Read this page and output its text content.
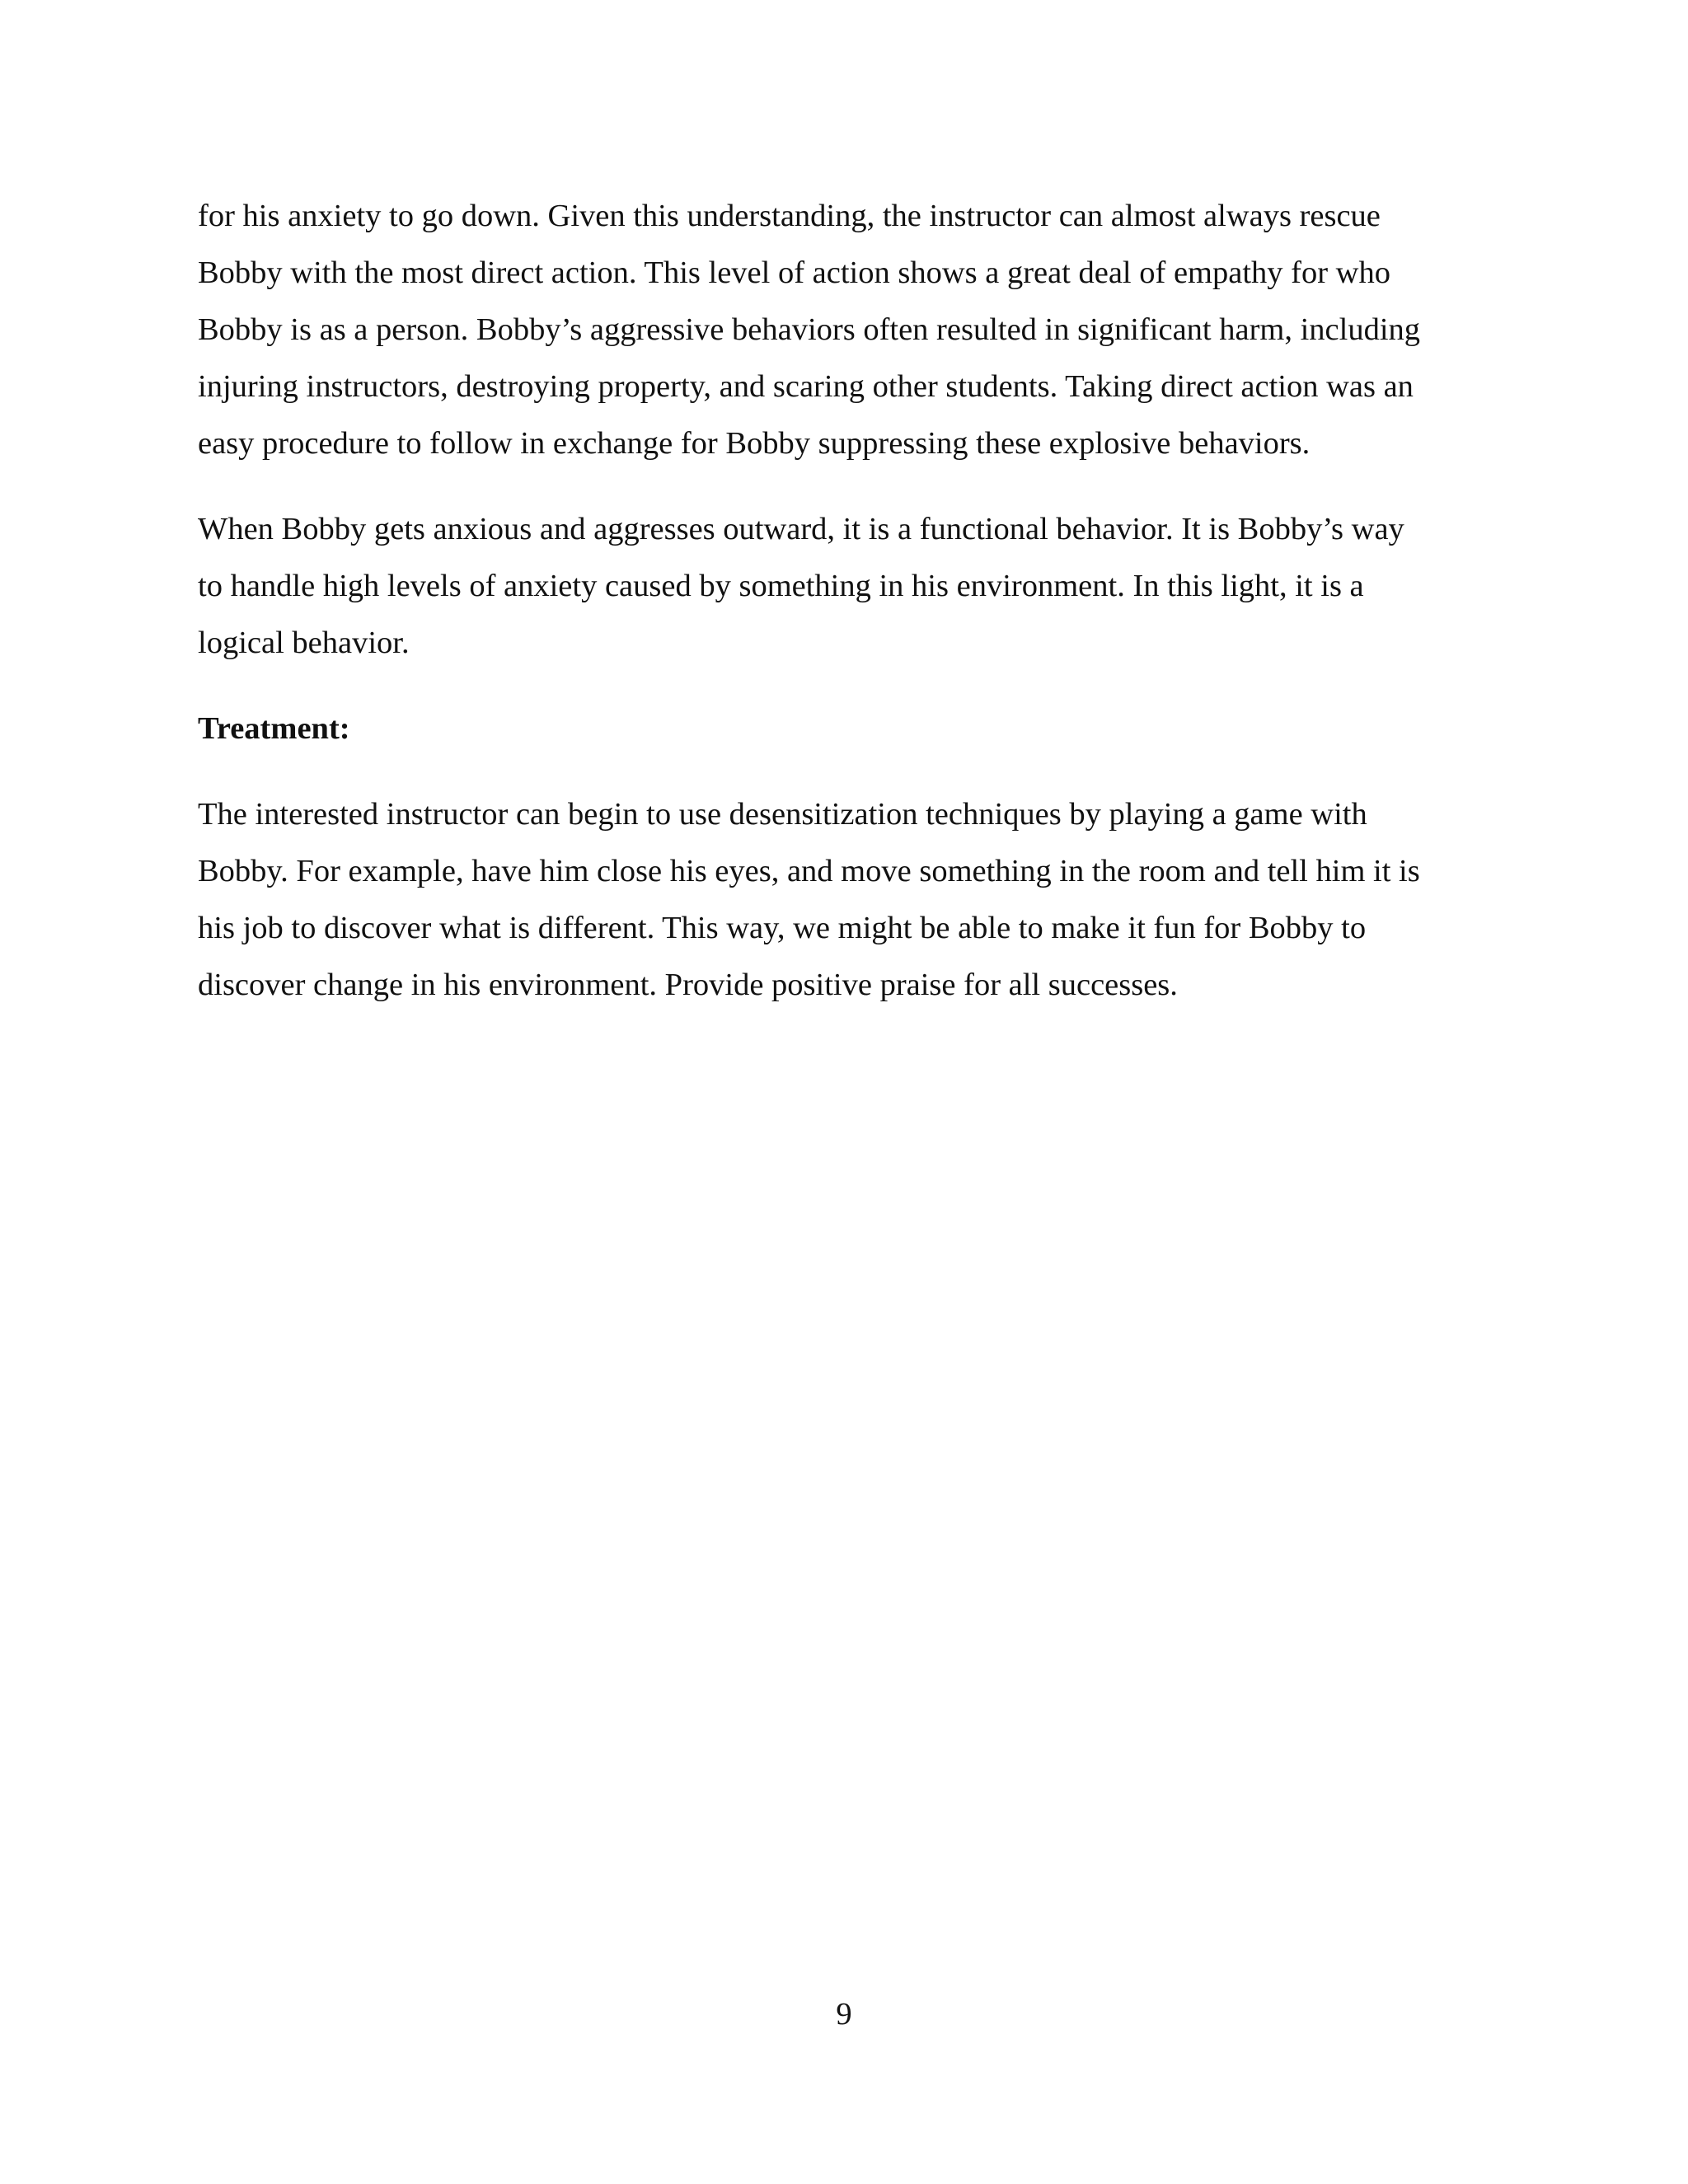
for his anxiety to go down. Given this understanding, the instructor can almost always rescue
Bobby with the most direct action. This level of action shows a great deal of empathy for who
Bobby is as a person. Bobby’s aggressive behaviors often resulted in significant harm, including
injuring instructors, destroying property, and scaring other students. Taking direct action was an
easy procedure to follow in exchange for Bobby suppressing these explosive behaviors.

When Bobby gets anxious and aggresses outward, it is a functional behavior. It is Bobby’s way
to handle high levels of anxiety caused by something in his environment. In this light, it is a
logical behavior.

Treatment:

The interested instructor can begin to use desensitization techniques by playing a game with
Bobby. For example, have him close his eyes, and move something in the room and tell him it is
his job to discover what is different. This way, we might be able to make it fun for Bobby to
discover change in his environment. Provide positive praise for all successes.

9
